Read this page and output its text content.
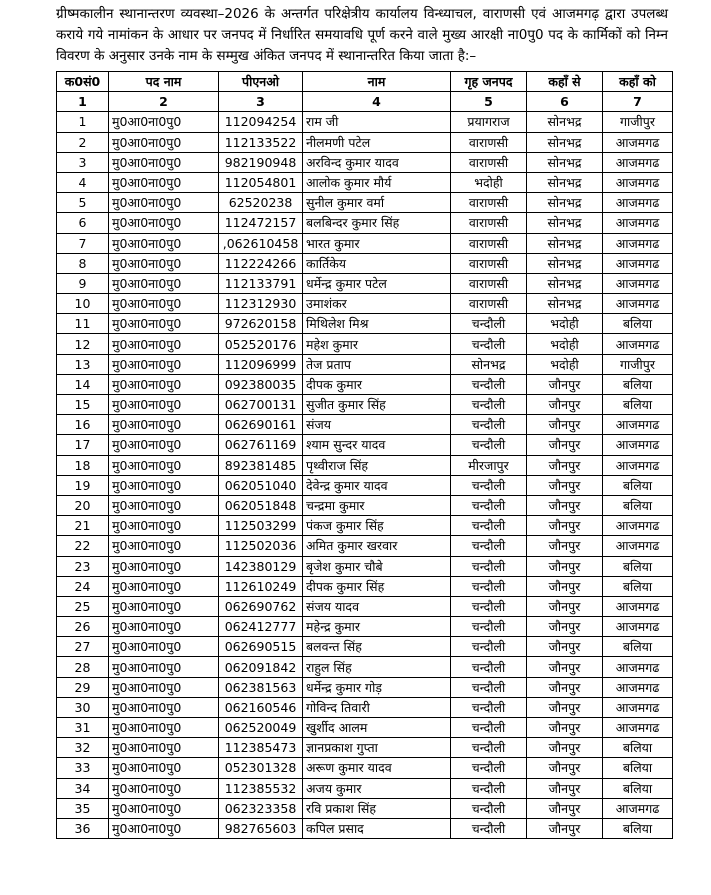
ग्रीष्मकालीन स्थानान्तरण व्यवस्था–2026 के अन्तर्गत परिक्षेत्रीय कार्यालय विन्ध्याचल, वाराणसी एवं आजमगढ़ द्वारा उपलब्ध कराये गये नामांकन के आधार पर जनपद में निर्धारित समयावधि पूर्ण करने वाले मुख्य आरक्षी ना0पु0 पद के कार्मिकों को निम्न विवरण के अनुसार उनके नाम के सम्मुख अंकित जनपद में स्थानान्तरित किया जाता है:–

क0सं0	पद नाम	पीएनओ	नाम	गृह जनपद	कहाँ से	कहाँ को
1	2	3	4	5	6	7
1	मु0आ0ना0पु0	112094254	राम जी	प्रयागराज	सोनभद्र	गाजीपुर
2	मु0आ0ना0पु0	112133522	नीलमणी पटेल	वाराणसी	सोनभद्र	आजमगढ
3	मु0आ0ना0पु0	982190948	अरविन्द कुमार यादव	वाराणसी	सोनभद्र	आजमगढ
4	मु0आ0ना0पु0	112054801	आलोक कुमार मौर्य	भदोही	सोनभद्र	आजमगढ
5	मु0आ0ना0पु0	62520238	सुनील कुमार वर्मा	वाराणसी	सोनभद्र	आजमगढ
6	मु0आ0ना0पु0	112472157	बलबिन्दर कुमार सिंह	वाराणसी	सोनभद्र	आजमगढ
7	मु0आ0ना0पु0	,062610458	भारत कुमार	वाराणसी	सोनभद्र	आजमगढ
8	मु0आ0ना0पु0	112224266	कार्तिकेय	वाराणसी	सोनभद्र	आजमगढ
9	मु0आ0ना0पु0	112133791	धर्मेन्द्र कुमार पटेल	वाराणसी	सोनभद्र	आजमगढ
10	मु0आ0ना0पु0	112312930	उमाशंकर	वाराणसी	सोनभद्र	आजमगढ
11	मु0आ0ना0पु0	972620158	मिथिलेश मिश्र	चन्दौली	भदोही	बलिया
12	मु0आ0ना0पु0	052520176	महेश कुमार	चन्दौली	भदोही	आजमगढ
13	मु0आ0ना0पु0	112096999	तेज प्रताप	सोनभद्र	भदोही	गाजीपुर
14	मु0आ0ना0पु0	092380035	दीपक कुमार	चन्दौली	जौनपुर	बलिया
15	मु0आ0ना0पु0	062700131	सुजीत कुमार सिंह	चन्दौली	जौनपुर	बलिया
16	मु0आ0ना0पु0	062690161	संजय	चन्दौली	जौनपुर	आजमगढ
17	मु0आ0ना0पु0	062761169	श्याम सुन्दर यादव	चन्दौली	जौनपुर	आजमगढ
18	मु0आ0ना0पु0	892381485	पृथ्वीराज सिंह	मीरजापुर	जौनपुर	आजमगढ
19	मु0आ0ना0पु0	062051040	देवेन्द्र कुमार यादव	चन्दौली	जौनपुर	बलिया
20	मु0आ0ना0पु0	062051848	चन्द्रमा कुमार	चन्दौली	जौनपुर	बलिया
21	मु0आ0ना0पु0	112503299	पंकज कुमार सिंह	चन्दौली	जौनपुर	आजमगढ
22	मु0आ0ना0पु0	112502036	अमित कुमार खरवार	चन्दौली	जौनपुर	आजमगढ
23	मु0आ0ना0पु0	142380129	बृजेश कुमार चौबे	चन्दौली	जौनपुर	बलिया
24	मु0आ0ना0पु0	112610249	दीपक कुमार सिंह	चन्दौली	जौनपुर	बलिया
25	मु0आ0ना0पु0	062690762	संजय यादव	चन्दौली	जौनपुर	आजमगढ
26	मु0आ0ना0पु0	062412777	महेन्द्र कुमार	चन्दौली	जौनपुर	आजमगढ
27	मु0आ0ना0पु0	062690515	बलवन्त सिंह	चन्दौली	जौनपुर	बलिया
28	मु0आ0ना0पु0	062091842	राहुल सिंह	चन्दौली	जौनपुर	आजमगढ
29	मु0आ0ना0पु0	062381563	धर्मेन्द्र कुमार गोड़	चन्दौली	जौनपुर	आजमगढ
30	मु0आ0ना0पु0	062160546	गोविन्द तिवारी	चन्दौली	जौनपुर	आजमगढ
31	मु0आ0ना0पु0	062520049	खुर्शीद आलम	चन्दौली	जौनपुर	आजमगढ
32	मु0आ0ना0पु0	112385473	ज्ञानप्रकाश गुप्ता	चन्दौली	जौनपुर	बलिया
33	मु0आ0ना0पु0	052301328	अरूण कुमार यादव	चन्दौली	जौनपुर	बलिया
34	मु0आ0ना0पु0	112385532	अजय कुमार	चन्दौली	जौनपुर	बलिया
35	मु0आ0ना0पु0	062323358	रवि प्रकाश सिंह	चन्दौली	जौनपुर	आजमगढ
36	मु0आ0ना0पु0	982765603	कपिल प्रसाद	चन्दौली	जौनपुर	बलिया
